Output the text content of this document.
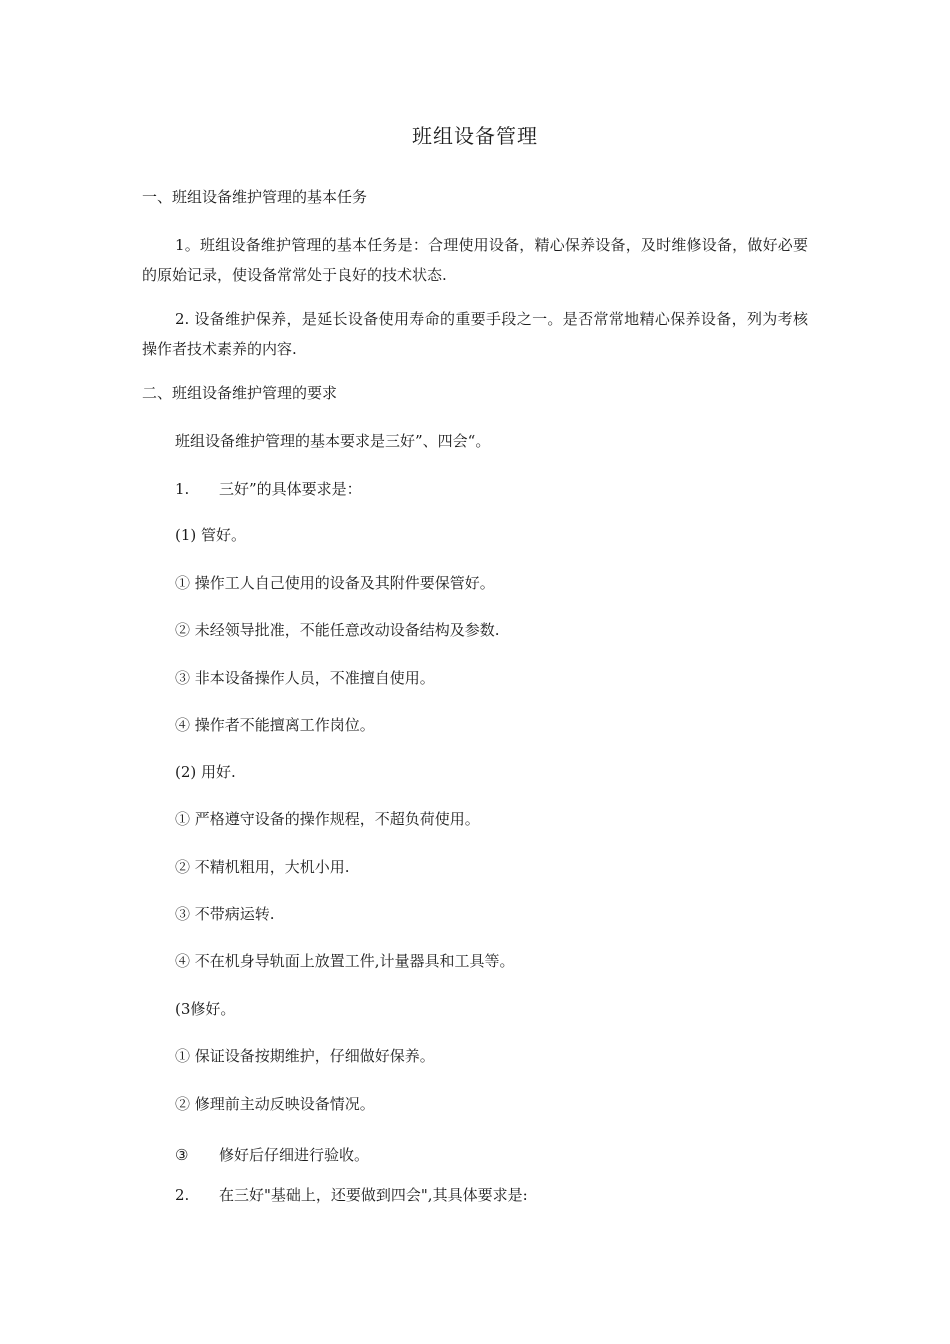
班组设备管理
一、班组设备维护管理的基本任务
1。班组设备维护管理的基本任务是：合理使用设备，精心保养设备，及时维修设备，做好必要的原始记录，使设备常常处于良好的技术状态.
2. 设备维护保养，是延长设备使用寿命的重要手段之一。是否常常地精心保养设备，列为考核操作者技术素养的内容.
二、班组设备维护管理的要求
班组设备维护管理的基本要求是三好”、四会“。
1. 三好”的具体要求是：
(1) 管好。
① 操作工人自己使用的设备及其附件要保管好。
② 未经领导批准，不能任意改动设备结构及参数.
③ 非本设备操作人员，不准擅自使用。
④ 操作者不能擅离工作岗位。
(2) 用好.
① 严格遵守设备的操作规程，不超负荷使用。
② 不精机粗用，大机小用.
③ 不带病运转.
④ 不在机身导轨面上放置工件,计量器具和工具等。
(3修好。
① 保证设备按期维护，仔细做好保养。
② 修理前主动反映设备情况。
③ 修好后仔细进行验收。
2. 在三好"基础上，还要做到四会",其具体要求是:
